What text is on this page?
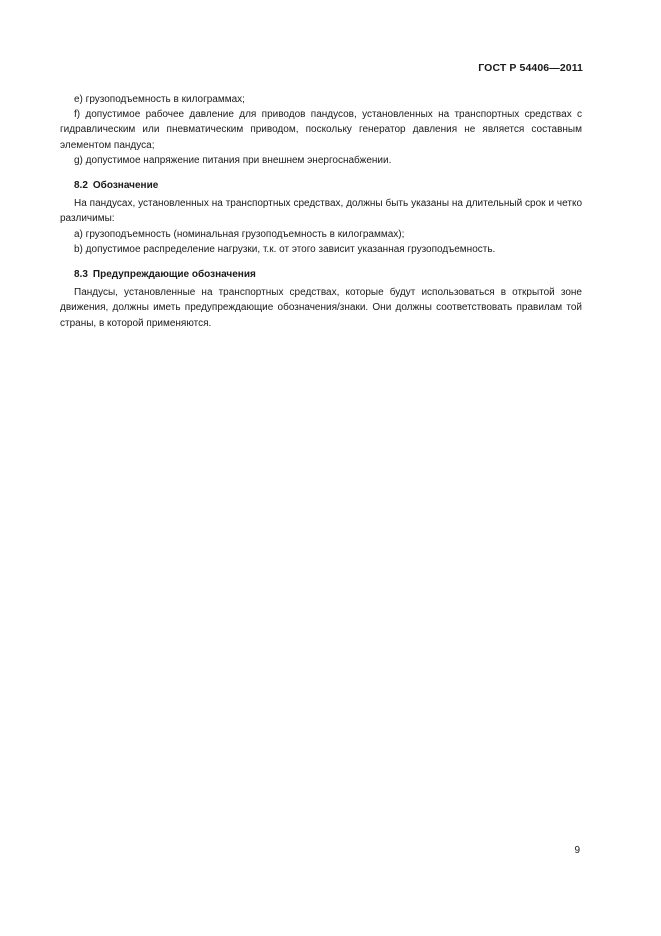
ГОСТ Р 54406—2011

e) грузоподъемность в килограммах;

f) допустимое рабочее давление для приводов пандусов, установленных на транспортных средствах с гидравлическим или пневматическим приводом, поскольку генератор давления не является составным элементом пандуса;

g) допустимое напряжение питания при внешнем энергоснабжении.

8.2 Обозначение

На пандусах, установленных на транспортных средствах, должны быть указаны на длительный срок и четко различимы:

a) грузоподъемность (номинальная грузоподъемность в килограммах);

b) допустимое распределение нагрузки, т.к. от этого зависит указанная грузоподъемность.

8.3 Предупреждающие обозначения

Пандусы, установленные на транспортных средствах, которые будут использоваться в открытой зоне движения, должны иметь предупреждающие обозначения/знаки. Они должны соответствовать правилам той страны, в которой применяются.

9
